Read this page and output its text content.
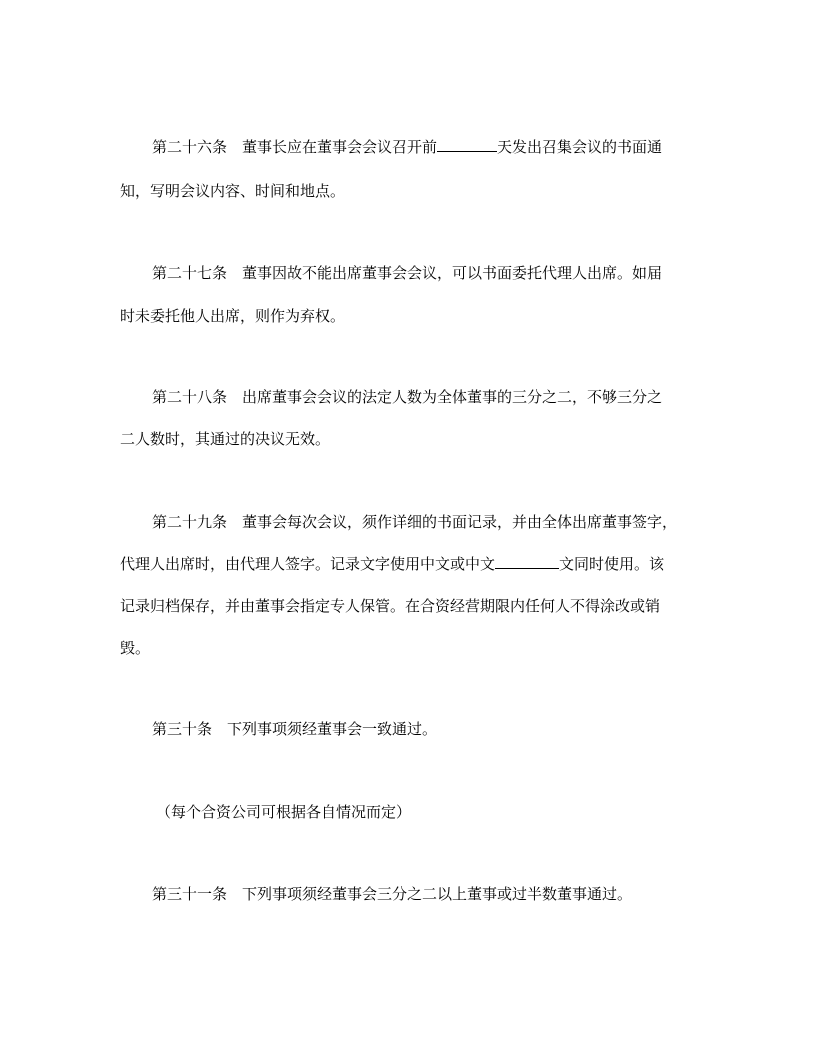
第二十六条　董事长应在董事会会议召开前	天发出召集会议的书面通
知，写明会议内容、时间和地点。
第二十七条　董事因故不能出席董事会会议，可以书面委托代理人出席。如届
时未委托他人出席，则作为弃权。
第二十八条　出席董事会会议的法定人数为全体董事的三分之二，不够三分之
二人数时，其通过的决议无效。
第二十九条　董事会每次会议，须作详细的书面记录，并由全体出席董事签字，
代理人出席时，由代理人签字。记录文字使用中文或中文	文同时使用。该
记录归档保存，并由董事会指定专人保管。在合资经营期限内任何人不得涂改或销
毁。
第三十条　下列事项须经董事会一致通过。
（每个合资公司可根据各自情况而定）
第三十一条　下列事项须经董事会三分之二以上董事或过半数董事通过。
